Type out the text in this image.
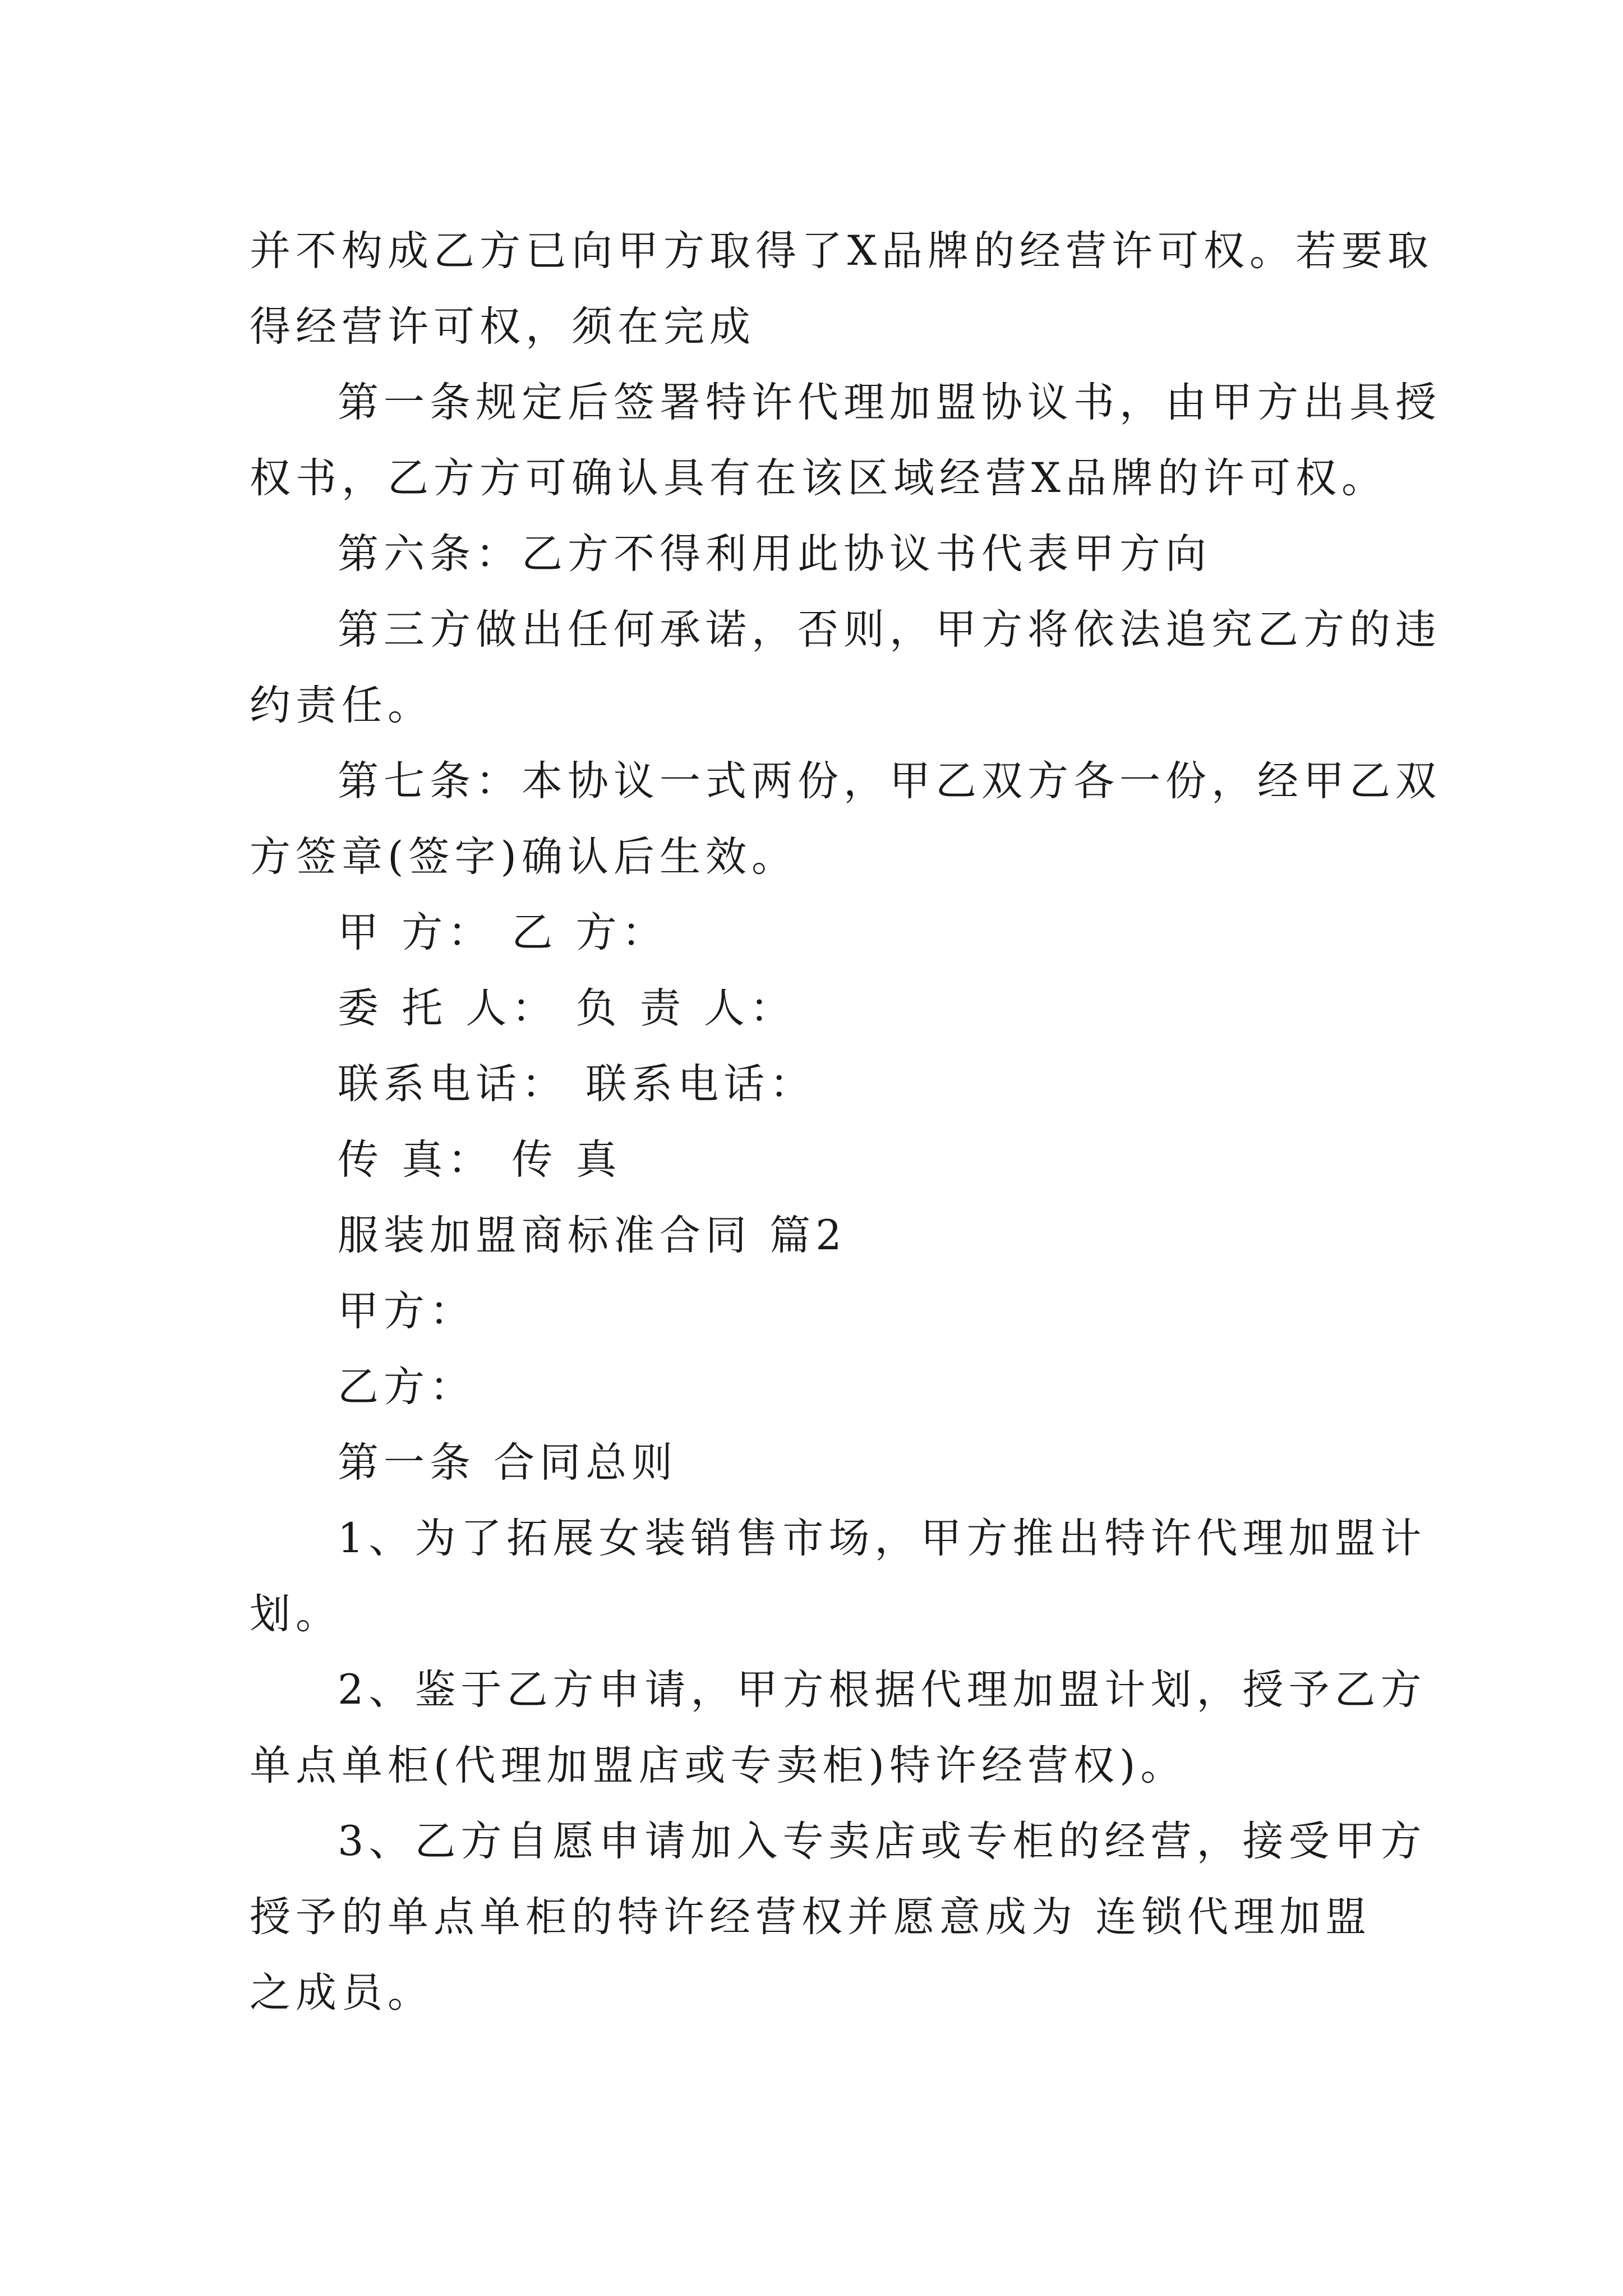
并不构成乙方已向甲方取得了X品牌的经营许可权。若要取
得经营许可权，须在完成
第一条规定后签署特许代理加盟协议书，由甲方出具授
权书，乙方方可确认具有在该区域经营X品牌的许可权。
第六条：乙方不得利用此协议书代表甲方向
第三方做出任何承诺，否则，甲方将依法追究乙方的违
约责任。
第七条：本协议一式两份，甲乙双方各一份，经甲乙双
方签章(签字)确认后生效。
甲 方： 乙 方：
委 托 人： 负 责 人：
联系电话： 联系电话：
传 真： 传 真
服装加盟商标准合同 篇2
甲方：
乙方：
第一条 合同总则
1、为了拓展女装销售市场，甲方推出特许代理加盟计
划。
2、鉴于乙方申请，甲方根据代理加盟计划，授予乙方
单点单柜(代理加盟店或专卖柜)特许经营权)。
3、乙方自愿申请加入专卖店或专柜的经营，接受甲方
授予的单点单柜的特许经营权并愿意成为 连锁代理加盟
之成员。
